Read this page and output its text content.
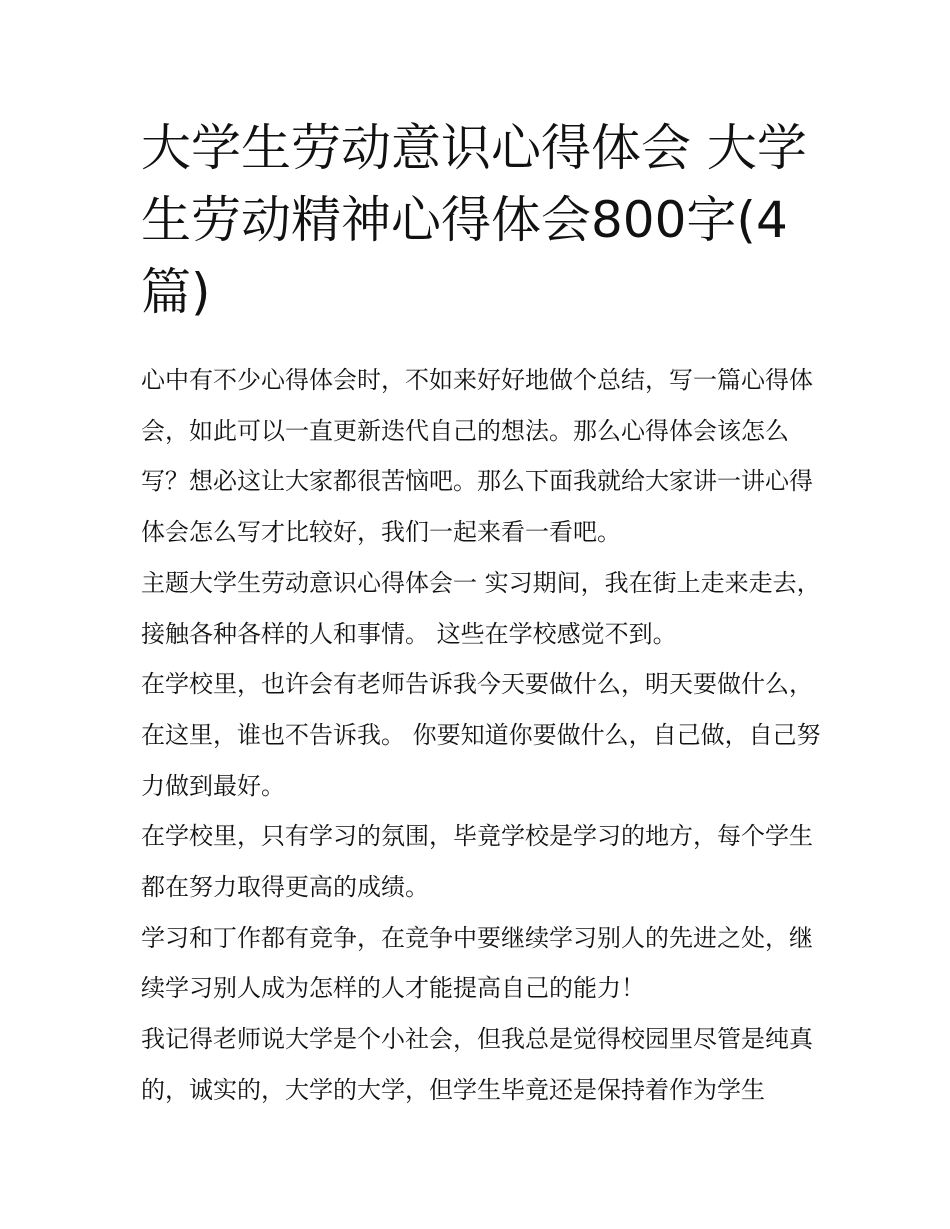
大学生劳动意识心得体会 大学生劳动精神心得体会800字(4篇)

心中有不少心得体会时，不如来好好地做个总结，写一篇心得体会，如此可以一直更新迭代自己的想法。那么心得体会该怎么写？想必这让大家都很苦恼吧。那么下面我就给大家讲一讲心得体会怎么写才比较好，我们一起来看一看吧。

主题大学生劳动意识心得体会一 实习期间，我在街上走来走去，接触各种各样的人和事情。 这些在学校感觉不到。

在学校里，也许会有老师告诉我今天要做什么，明天要做什么，在这里，谁也不告诉我。 你要知道你要做什么，自己做，自己努力做到最好。

在学校里，只有学习的氛围，毕竟学校是学习的地方，每个学生都在努力取得更高的成绩。

学习和丁作都有竞争，在竞争中要继续学习别人的先进之处，继续学习别人成为怎样的人才能提高自己的能力！

我记得老师说大学是个小社会，但我总是觉得校园里尽管是纯真的，诚实的，大学的大学，但学生毕竟还是保持着作为学生
